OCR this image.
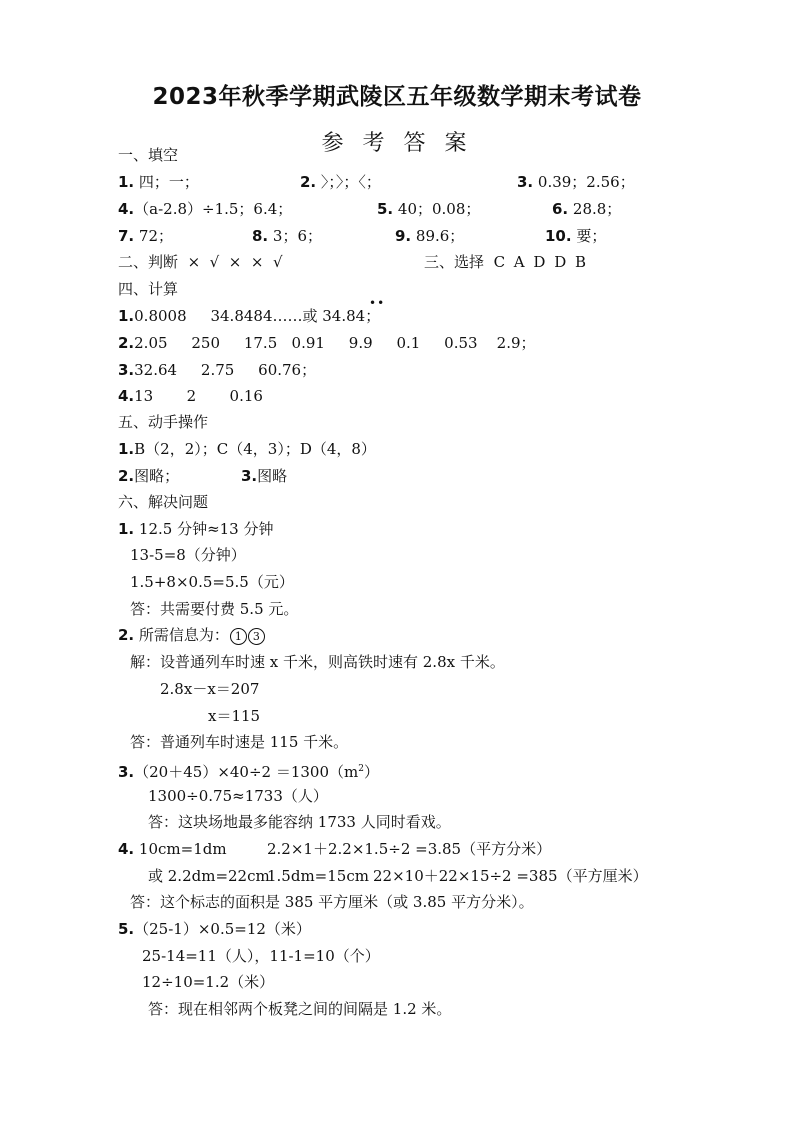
2023年秋季学期武陵区五年级数学期末考试卷
参 考 答 案
一、填空
1. 四；一；	2. 〉；〉；〈；	3. 0.39；2.56；
4.（a-2.8）÷1.5；6.4；	5. 40；0.08；	6. 28.8；
7. 72；	8. 3；6；	9. 89.6；	10. 要；
二、判断 ×  √  ×  ×  √	三、选择 C A D D B
四、计算
••
1.0.8008     34.8484……或 34.84；
2.2.05     250     17.5   0.91     9.9     0.1     0.53    2.9；
3.32.64     2.75     60.76；
4.13       2       0.16
五、动手操作
1.B（2，2）；C（4，3）；D（4，8）
2.图略；	3.图略
六、解决问题
1. 12.5 分钟≈13 分钟
13-5=8（分钟）
1.5+8×0.5=5.5（元）
答：共需要付费 5.5 元。
2. 所需信息为： 1 3
解：设普通列车时速 x 千米，则高铁时速有 2.8x 千米。
2.8x－x＝207
x＝115
答：普通列车时速是 115 千米。
$3.(20+45)\times 40\div 2 =1300(m^2)$
1300÷0.75≈1733（人）
答：这块场地最多能容纳 1733 人同时看戏。
4. 10cm=1dm	2.2×1＋2.2×1.5÷2 =3.85（平方分米）
或 2.2dm=22cm
1.5dm=15cm 22×10＋22×15÷2 =385（平方厘米）
答：这个标志的面积是 385 平方厘米（或 3.85 平方分米）。
5.（25-1）×0.5=12（米）
25-14=11（人），11-1=10（个）
12÷10=1.2（米）
答：现在相邻两个板凳之间的间隔是 1.2 米。
